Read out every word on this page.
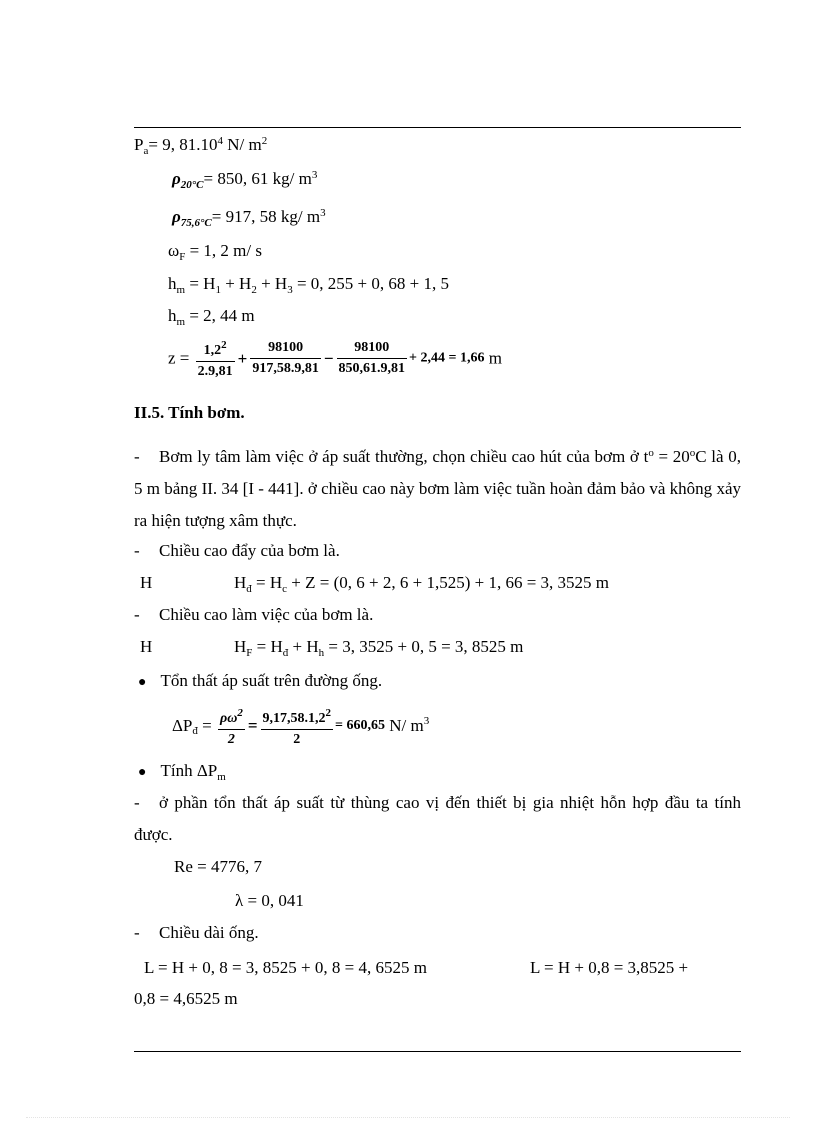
$P_a= 9$, 81.10$^4$ N/ $m^2$
$\rho_{20^\circ C}= 850$, 61 kg/ $m^3$
$\rho_{75,6^\circ C}= 917$, 58 kg/ $m^3$
$\omega_F = 1$, 2 m/ s
$h_m = H_1 + H_2 + H_3 = 0$, 255 + 0, 68 + 1, 5
$h_m = 2$, 44 m
$z = \frac{1,2^2}{2.9,81} + \frac{98100}{917,58.9,81} - \frac{98100}{850,61.9,81} + 2,44 = 1,66$ m
II.5. Tính bơm.
- Bơm ly tâm làm việc ở áp suất thường, chọn chiều cao hút của bơm ở $t^o = 20^oC$ là 0, 5 m bảng II. 34 [I - 441]. ở chiều cao này bơm làm việc tuần hoàn đảm bảo và không xảy ra hiện tượng xâm thực.
- Chiều cao đẩy của bơm là.
H	$H_đ = H_c + Z = (0$, 6 + 2, 6 + 1,525) + 1, 66 = 3, 3525 m
- Chiều cao làm việc của bơm là.
H	$H_F = H_đ + H_h = 3$, 3525 + 0, 5 = 3, 8525 m
● Tổn thất áp suất trên đường ống.
$\Delta P_đ = \frac{\rho\omega^2}{2} = \frac{9,17,58.1,2^2}{2} = 660,65$ N/ $m^3$
● Tính $\Delta P_m$
- ở phần tổn thất áp suất từ thùng cao vị đến thiết bị gia nhiệt hỗn hợp đầu ta tính được.
Re = 4776, 7
λ = 0, 041
- Chiều dài ống.
L = H + 0, 8 = 3, 8525 + 0, 8 = 4, 6525 m	L = H + 0,8 = 3,8525 +
0,8 = 4,6525 m
